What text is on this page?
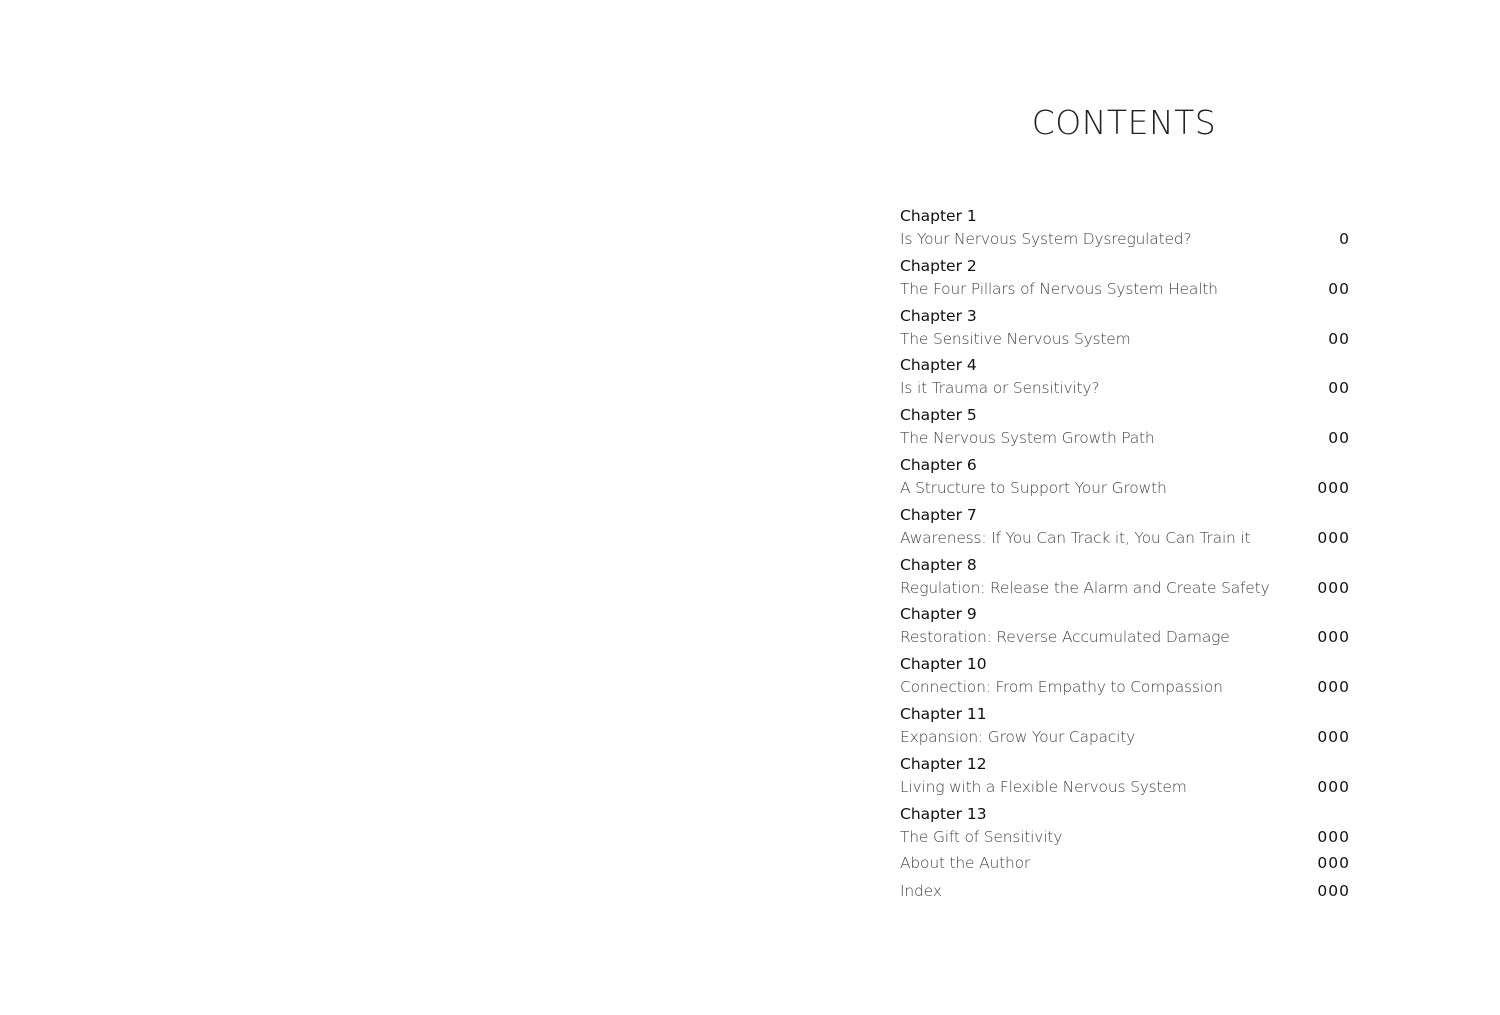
CONTENTS
Chapter 1
Is Your Nervous System Dysregulated?	0
Chapter 2
The Four Pillars of Nervous System Health	00
Chapter 3
The Sensitive Nervous System	00
Chapter 4
Is it Trauma or Sensitivity?	00
Chapter 5
The Nervous System Growth Path	00
Chapter 6
A Structure to Support Your Growth	000
Chapter 7
Awareness: If You Can Track it, You Can Train it	000
Chapter 8
Regulation: Release the Alarm and Create Safety	000
Chapter 9
Restoration: Reverse Accumulated Damage	000
Chapter 10
Connection: From Empathy to Compassion	000
Chapter 11
Expansion: Grow Your Capacity	000
Chapter 12
Living with a Flexible Nervous System	000
Chapter 13
The Gift of Sensitivity	000
About the Author	000
Index	000
